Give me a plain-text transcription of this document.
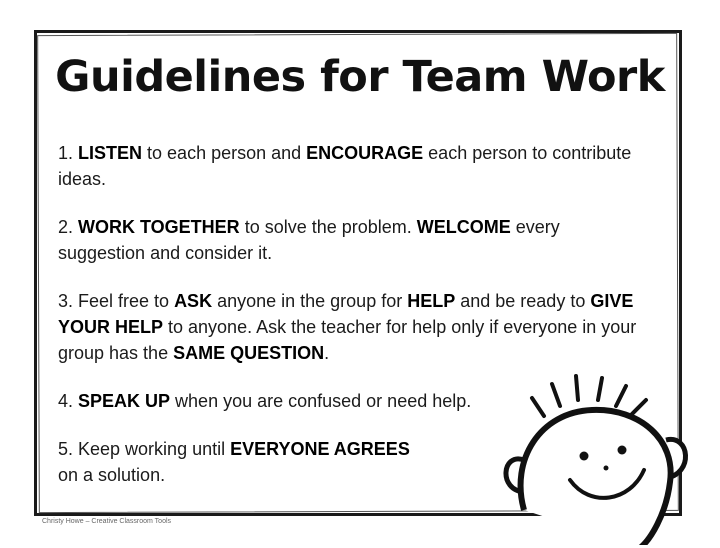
Guidelines for Team Work
1. LISTEN to each person and ENCOURAGE each person to contribute ideas.
2. WORK TOGETHER to solve the problem. WELCOME every suggestion and consider it.
3. Feel free to ASK anyone in the group for HELP and be ready to GIVE YOUR HELP to anyone. Ask the teacher for help only if everyone in your group has the SAME QUESTION.
4. SPEAK UP when you are confused or need help.
5. Keep working until EVERYONE AGREES
on a solution.
Christy Howe – Creative Classroom Tools
